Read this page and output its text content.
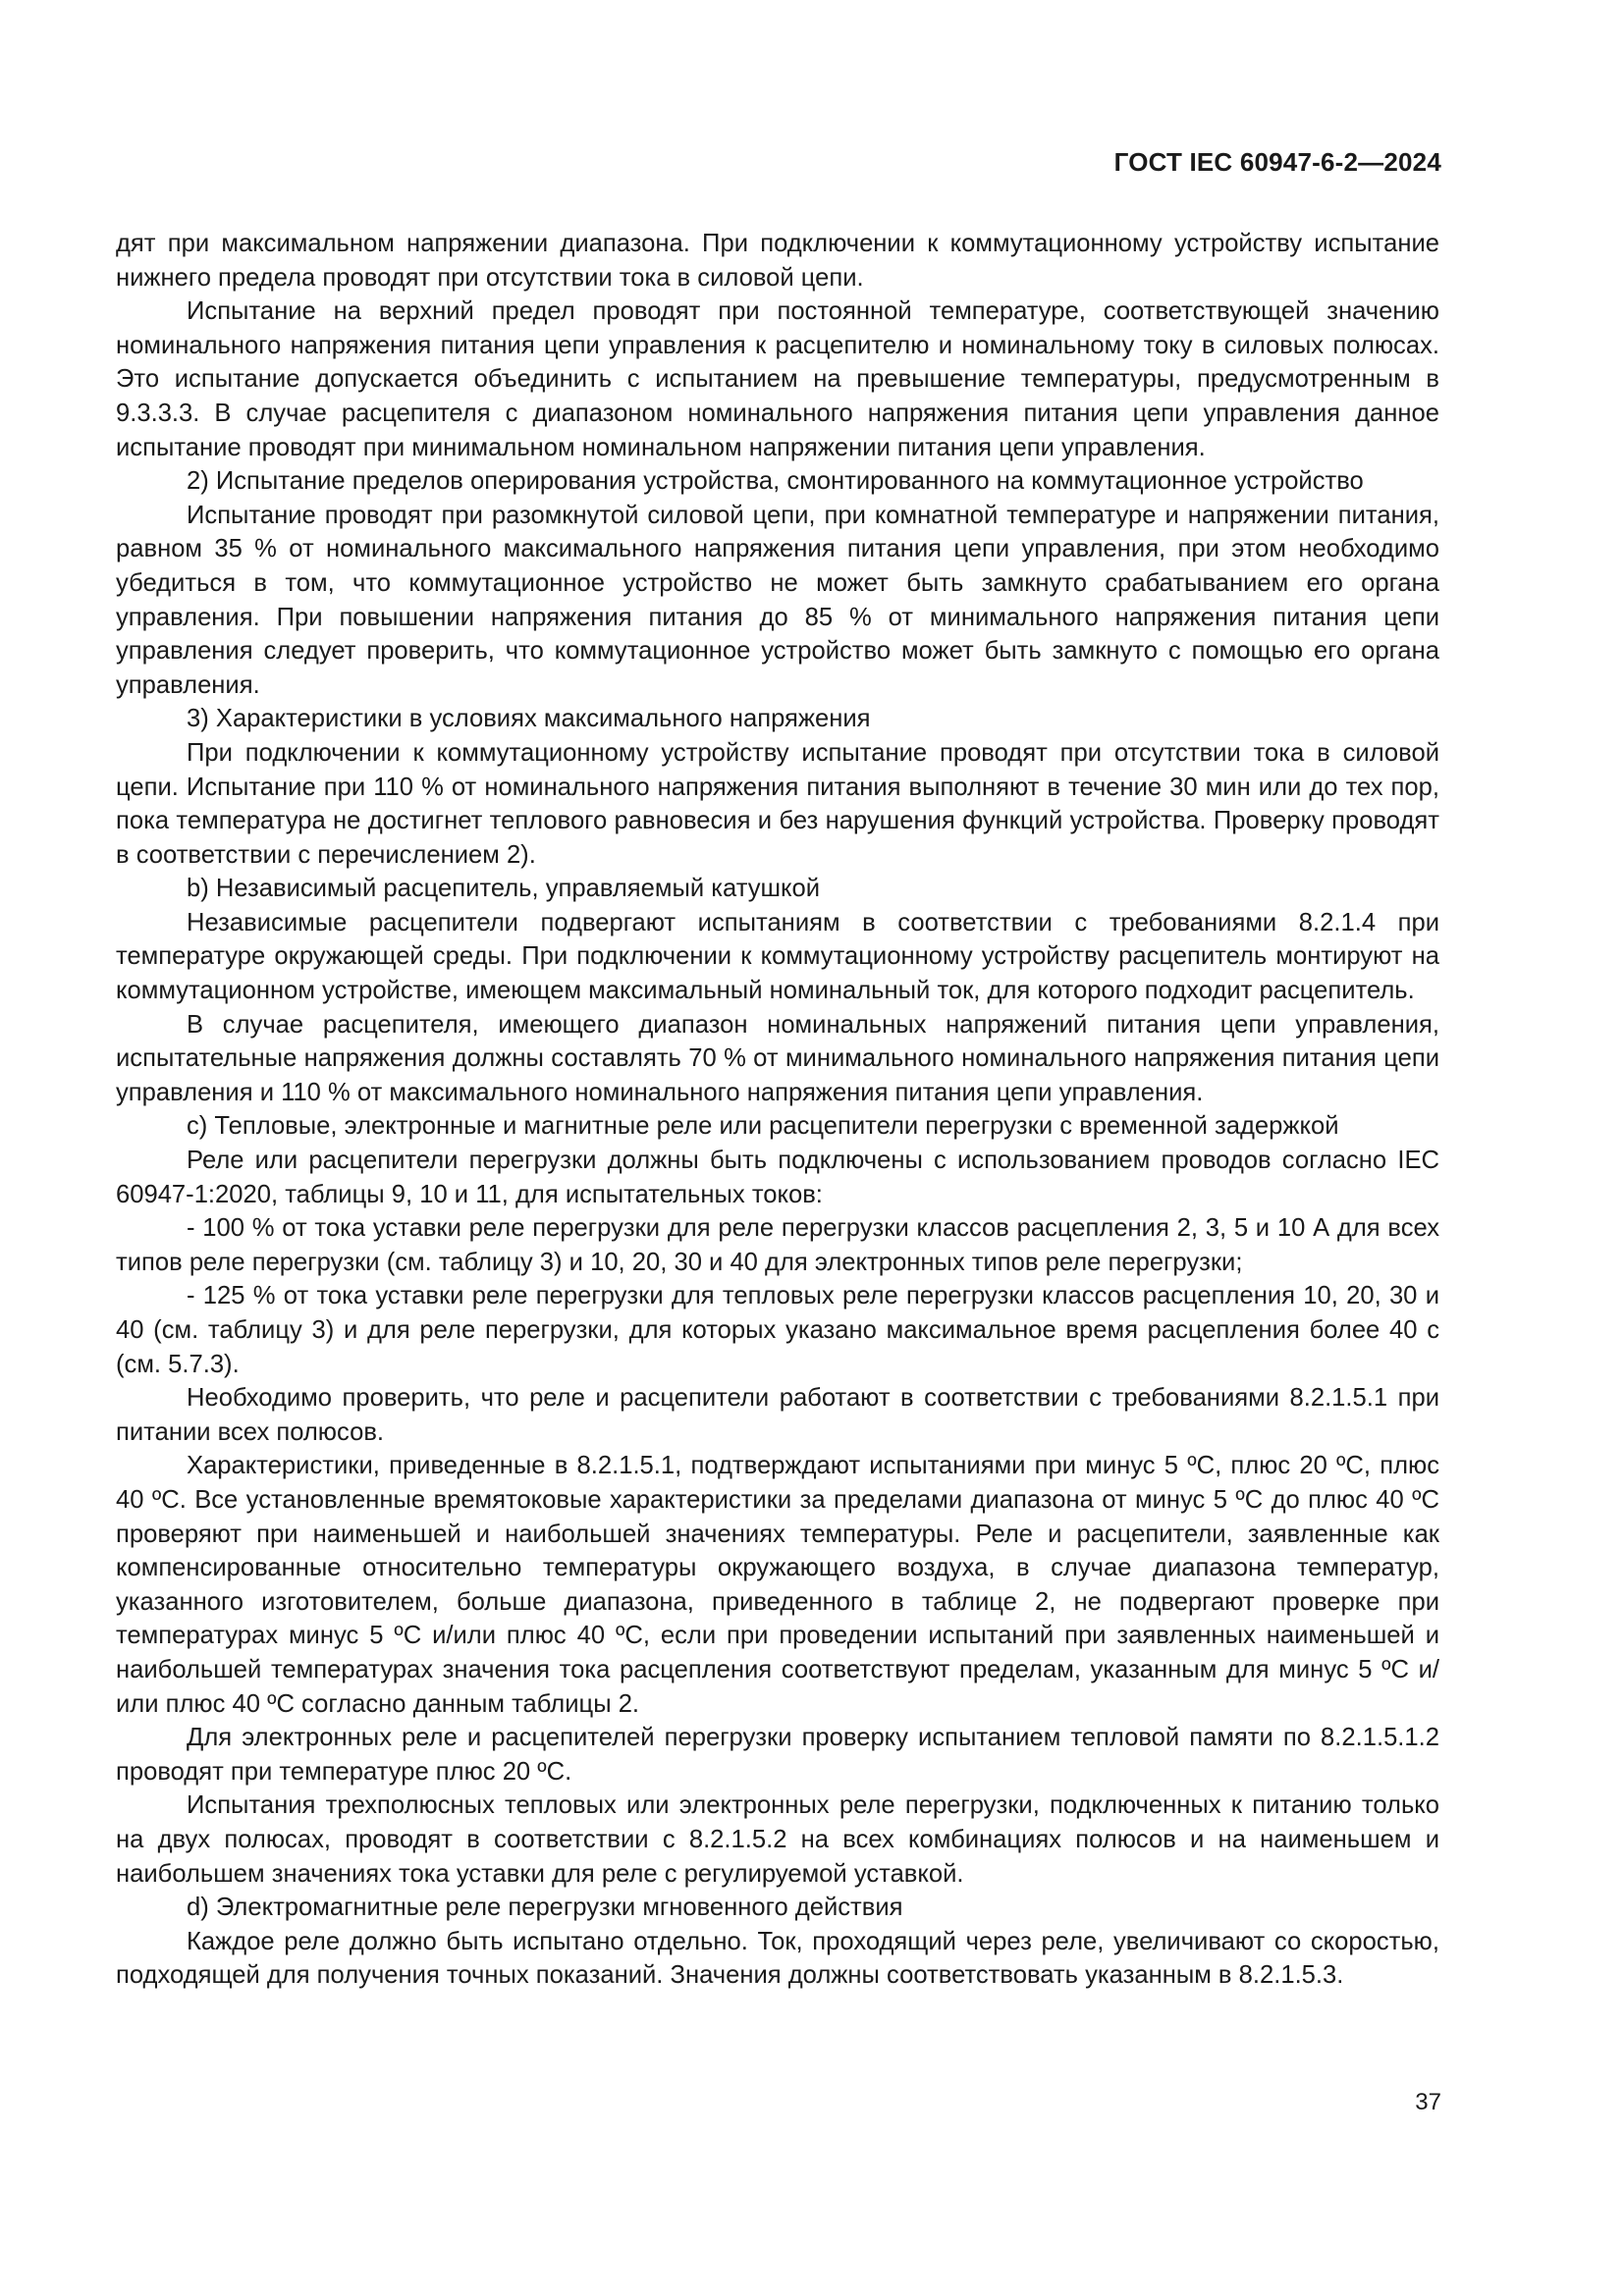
ГОСТ IEC 60947-6-2—2024

дят при максимальном напряжении диапазона. При подключении к коммутационному устройству испытание нижнего предела проводят при отсутствии тока в силовой цепи.

Испытание на верхний предел проводят при постоянной температуре, соответствующей значению номинального напряжения питания цепи управления к расцепителю и номинальному току в силовых полюсах. Это испытание допускается объединить с испытанием на превышение температуры, предусмотренным в 9.3.3.3. В случае расцепителя с диапазоном номинального напряжения питания цепи управления данное испытание проводят при минимальном номинальном напряжении питания цепи управления.

2) Испытание пределов оперирования устройства, смонтированного на коммутационное устройство

Испытание проводят при разомкнутой силовой цепи, при комнатной температуре и напряжении питания, равном 35 % от номинального максимального напряжения питания цепи управления, при этом необходимо убедиться в том, что коммутационное устройство не может быть замкнуто срабатыванием его органа управления. При повышении напряжения питания до 85 % от минимального напряжения питания цепи управления следует проверить, что коммутационное устройство может быть замкнуто с помощью его органа управления.

3) Характеристики в условиях максимального напряжения

При подключении к коммутационному устройству испытание проводят при отсутствии тока в силовой цепи. Испытание при 110 % от номинального напряжения питания выполняют в течение 30 мин или до тех пор, пока температура не достигнет теплового равновесия и без нарушения функций устройства. Проверку проводят в соответствии с перечислением 2).

b) Независимый расцепитель, управляемый катушкой

Независимые расцепители подвергают испытаниям в соответствии с требованиями 8.2.1.4 при температуре окружающей среды. При подключении к коммутационному устройству расцепитель монтируют на коммутационном устройстве, имеющем максимальный номинальный ток, для которого подходит расцепитель.

В случае расцепителя, имеющего диапазон номинальных напряжений питания цепи управления, испытательные напряжения должны составлять 70 % от минимального номинального напряжения питания цепи управления и 110 % от максимального номинального напряжения питания цепи управления.

c) Тепловые, электронные и магнитные реле или расцепители перегрузки с временной задержкой

Реле или расцепители перегрузки должны быть подключены с использованием проводов согласно IEC 60947-1:2020, таблицы 9, 10 и 11, для испытательных токов:

- 100 % от тока уставки реле перегрузки для реле перегрузки классов расцепления 2, 3, 5 и 10 А для всех типов реле перегрузки (см. таблицу 3) и 10, 20, 30 и 40 для электронных типов реле перегрузки;

- 125 % от тока уставки реле перегрузки для тепловых реле перегрузки классов расцепления 10, 20, 30 и 40 (см. таблицу 3) и для реле перегрузки, для которых указано максимальное время расцепления более 40 с (см. 5.7.3).

Необходимо проверить, что реле и расцепители работают в соответствии с требованиями 8.2.1.5.1 при питании всех полюсов.

Характеристики, приведенные в 8.2.1.5.1, подтверждают испытаниями при минус 5 ºС, плюс 20 ºС, плюс 40 ºС. Все установленные времятоковые характеристики за пределами диапазона от минус 5 ºС до плюс 40 ºС проверяют при наименьшей и наибольшей значениях температуры. Реле и расцепители, заявленные как компенсированные относительно температуры окружающего воздуха, в случае диапазона температур, указанного изготовителем, больше диапазона, приведенного в таблице 2, не подвергают проверке при температурах минус 5 ºС и/или плюс 40 ºС, если при проведении испытаний при заявленных наименьшей и наибольшей температурах значения тока расцепления соответствуют пределам, указанным для минус 5 ºС и/или плюс 40 ºС согласно данным таблицы 2.

Для электронных реле и расцепителей перегрузки проверку испытанием тепловой памяти по 8.2.1.5.1.2 проводят при температуре плюс 20 ºС.

Испытания трехполюсных тепловых или электронных реле перегрузки, подключенных к питанию только на двух полюсах, проводят в соответствии с 8.2.1.5.2 на всех комбинациях полюсов и на наименьшем и наибольшем значениях тока уставки для реле с регулируемой уставкой.

d) Электромагнитные реле перегрузки мгновенного действия

Каждое реле должно быть испытано отдельно. Ток, проходящий через реле, увеличивают со скоростью, подходящей для получения точных показаний. Значения должны соответствовать указанным в 8.2.1.5.3.

37
